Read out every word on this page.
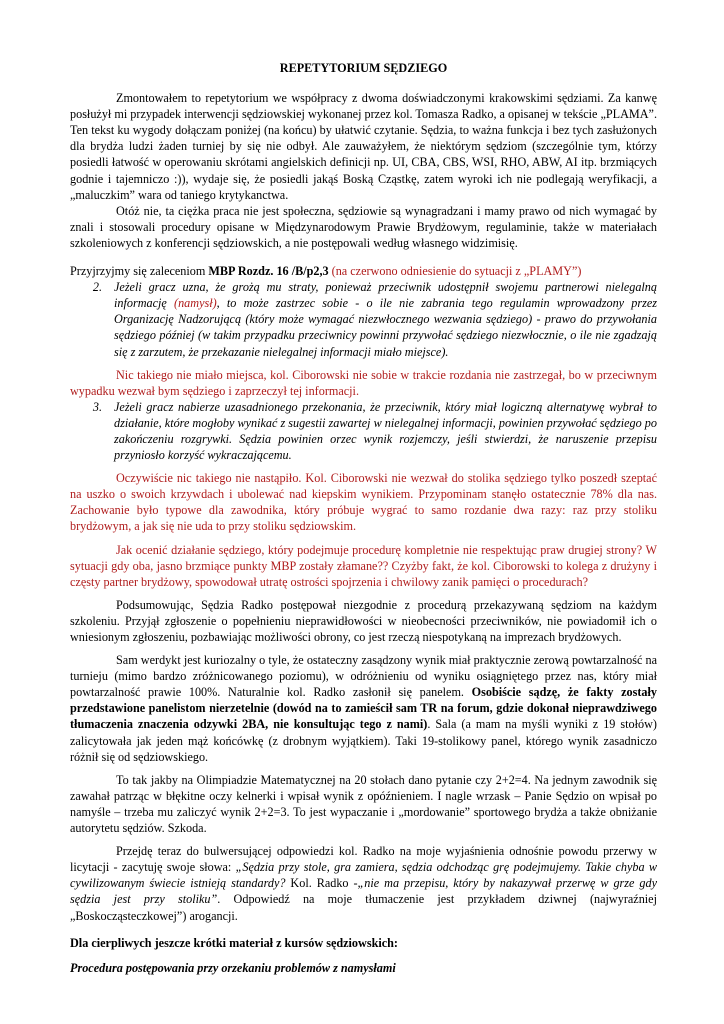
REPETYTORIUM SĘDZIEGO

Zmontowałem to repetytorium we współpracy z dwoma doświadczonymi krakowskimi sędziami. Za kanwę posłużył mi przypadek interwencji sędziowskiej wykonanej przez kol. Tomasza Radko, a opisanej w tekście „PLAMA”. Ten tekst ku wygody dołączam poniżej (na końcu) by ułatwić czytanie. Sędzia, to ważna funkcja i bez tych zasłużonych dla brydża ludzi żaden turniej by się nie odbył. Ale zauważyłem, że niektórym sędziom (szczególnie tym, którzy posiedli łatwość w operowaniu skrótami angielskich definicji np. UI, CBA, CBS, WSI, RHO, ABW, AI itp. brzmiących godnie i tajemniczo :)), wydaje się, że posiedli jakąś Boską Cząstkę, zatem wyroki ich nie podlegają weryfikacji, a „maluczkim” wara od taniego krytykanctwa.

Otóż nie, ta ciężka praca nie jest społeczna, sędziowie są wynagradzani i mamy prawo od nich wymagać by znali i stosowali procedury opisane w Międzynarodowym Prawie Brydżowym, regulaminie, także w materiałach szkoleniowych z konferencji sędziowskich, a nie postępowali według własnego widzimisię.

Przyjrzyjmy się zaleceniom MBP Rozdz. 16 /B/p2,3 (na czerwono odniesienie do sytuacji z „PLAMY”)

2. Jeżeli gracz uzna, że grożą mu straty, ponieważ przeciwnik udostępnił swojemu partnerowi nielegalną informację (namysł), to może zastrzec sobie - o ile nie zabrania tego regulamin wprowadzony przez Organizację Nadzorującą (który może wymagać niezwłocznego wezwania sędziego) - prawo do przywołania sędziego później (w takim przypadku przeciwnicy powinni przywołać sędziego niezwłocznie, o ile nie zgadzają się z zarzutem, że przekazanie nielegalnej informacji miało miejsce).

Nic takiego nie miało miejsca, kol. Ciborowski nie sobie w trakcie rozdania nie zastrzegał, bo w przeciwnym wypadku wezwał bym sędziego i zaprzeczył tej informacji.

3. Jeżeli gracz nabierze uzasadnionego przekonania, że przeciwnik, który miał logiczną alternatywę wybrał to działanie, które mogłoby wynikać z sugestii zawartej w nielegalnej informacji, powinien przywołać sędziego po zakończeniu rozgrywki. Sędzia powinien orzec wynik rozjemczy, jeśli stwierdzi, że naruszenie przepisu przyniosło korzyść wykraczającemu.

Oczywiście nic takiego nie nastąpiło. Kol. Ciborowski nie wezwał do stolika sędziego tylko poszedł szeptać na uszko o swoich krzywdach i ubolewać nad kiepskim wynikiem. Przypominam stanęło ostatecznie 78% dla nas. Zachowanie było typowe dla zawodnika, który próbuje wygrać to samo rozdanie dwa razy: raz przy stoliku brydżowym, a jak się nie uda to przy stoliku sędziowskim.

Jak ocenić działanie sędziego, który podejmuje procedurę kompletnie nie respektując praw drugiej strony? W sytuacji gdy oba, jasno brzmiące punkty MBP zostały złamane?? Czyżby fakt, że kol. Ciborowski to kolega z drużyny i częsty partner brydżowy, spowodował utratę ostrości spojrzenia i chwilowy zanik pamięci o procedurach?

Podsumowując, Sędzia Radko postępował niezgodnie z procedurą przekazywaną sędziom na każdym szkoleniu. Przyjął zgłoszenie o popełnieniu nieprawidłowości w nieobecności przeciwników, nie powiadomił ich o wniesionym zgłoszeniu, pozbawiając możliwości obrony, co jest rzeczą niespotykaną na imprezach brydżowych.

Sam werdykt jest kuriozalny o tyle, że ostateczny zasądzony wynik miał praktycznie zerową powtarzalność na turnieju (mimo bardzo zróżnicowanego poziomu), w odróżnieniu od wyniku osiągniętego przez nas, który miał powtarzalność prawie 100%. Naturalnie kol. Radko zasłonił się panelem. Osobiście sądzę, że fakty zostały przedstawione panelistom nierzetelnie (dowód na to zamieścił sam TR na forum, gdzie dokonał nieprawdziwego tłumaczenia znaczenia odzywki 2BA, nie konsultując tego z nami). Sala (a mam na myśli wyniki z 19 stołów) zalicytowała jak jeden mąż końcówkę (z drobnym wyjątkiem). Taki 19-stolikowy panel, którego wynik zasadniczo różnił się od sędziowskiego.

To tak jakby na Olimpiadzie Matematycznej na 20 stołach dano pytanie czy 2+2=4. Na jednym zawodnik się zawahał patrząc w błękitne oczy kelnerki i wpisał wynik z opóźnieniem. I nagle wrzask – Panie Sędzio on wpisał po namyśle – trzeba mu zaliczyć wynik 2+2=3. To jest wypaczanie i „mordowanie” sportowego brydża a także obniżanie autorytetu sędziów. Szkoda.

Przejdę teraz do bulwersującej odpowiedzi kol. Radko na moje wyjaśnienia odnośnie powodu przerwy w licytacji - zacytuję swoje słowa: „Sędzia przy stole, gra zamiera, sędzia odchodząc grę podejmujemy. Takie chyba w cywilizowanym świecie istnieją standardy? Kol. Radko -„nie ma przepisu, który by nakazywał przerwę w grze gdy sędzia jest przy stoliku”. Odpowiedź na moje tłumaczenie jest przykładem dziwnej (najwyraźniej „Boskocząsteczkowej”) arogancji.

Dla cierpliwych jeszcze krótki materiał z kursów sędziowskich:

Procedura postępowania przy orzekaniu problemów z namysłami
